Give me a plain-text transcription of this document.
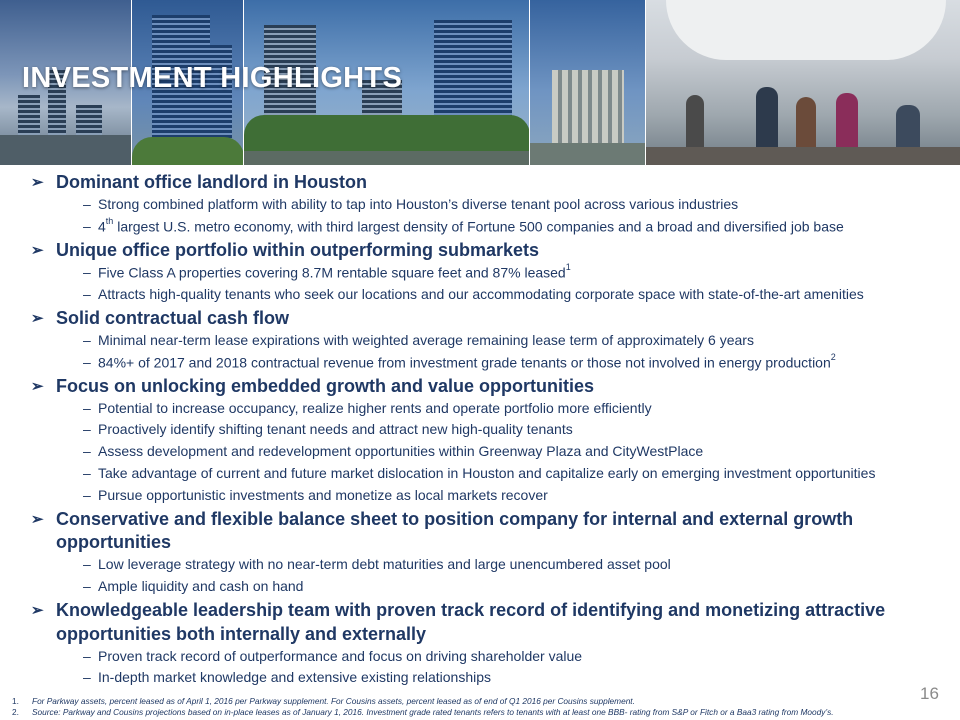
INVESTMENT HIGHLIGHTS
➢ Dominant office landlord in Houston
– Strong combined platform with ability to tap into Houston’s diverse tenant pool across various industries
– 4th largest U.S. metro economy, with third largest density of Fortune 500 companies and a broad and diversified job base
➢ Unique office portfolio within outperforming submarkets
– Five Class A properties covering 8.7M rentable square feet and 87% leased$^1$
– Attracts high-quality tenants who seek our locations and our accommodating corporate space with state-of-the-art amenities
➢ Solid contractual cash flow
– Minimal near-term lease expirations with weighted average remaining lease term of approximately 6 years
– 84%+ of 2017 and 2018 contractual revenue from investment grade tenants or those not involved in energy production$^2$
➢ Focus on unlocking embedded growth and value opportunities
– Potential to increase occupancy, realize higher rents and operate portfolio more efficiently
– Proactively identify shifting tenant needs and attract new high-quality tenants
– Assess development and redevelopment opportunities within Greenway Plaza and CityWestPlace
– Take advantage of current and future market dislocation in Houston and capitalize early on emerging investment opportunities
– Pursue opportunistic investments and monetize as local markets recover
➢ Conservative and flexible balance sheet to position company for internal and external growth
opportunities
– Low leverage strategy with no near-term debt maturities and large unencumbered asset pool
– Ample liquidity and cash on hand
➢ Knowledgeable leadership team with proven track record of identifying and monetizing attractive
opportunities both internally and externally
– Proven track record of outperformance and focus on driving shareholder value
– In-depth market knowledge and extensive existing relationships
16
1. For Parkway assets, percent leased as of April 1, 2016 per Parkway supplement. For Cousins assets, percent leased as of end of Q1 2016 per Cousins supplement.
2. Source: Parkway and Cousins projections based on in-place leases as of January 1, 2016. Investment grade rated tenants refers to tenants with at least one BBB- rating from S&P or Fitch or a Baa3 rating from Moody’s.
